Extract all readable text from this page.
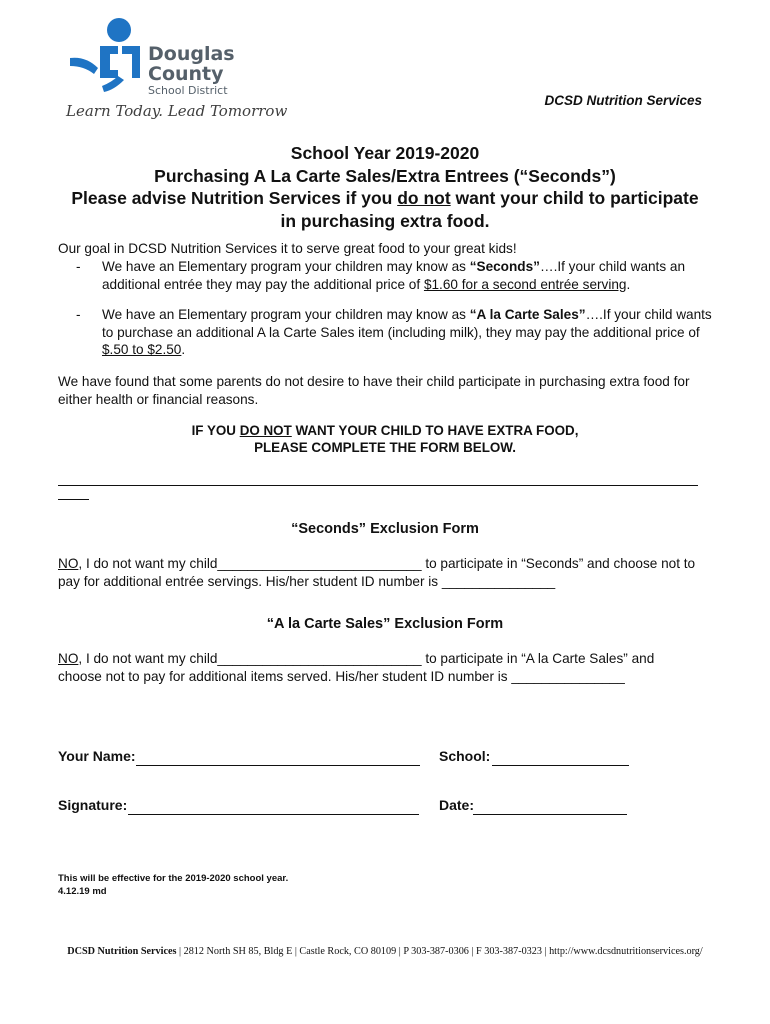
Douglas
County
School District
Learn Today. Lead Tomorrow
DCSD Nutrition Services
School Year 2019-2020
Purchasing A La Carte Sales/Extra Entrees (“Seconds”)
Please advise Nutrition Services if you do not want your child to participate
in purchasing extra food.
Our goal in DCSD Nutrition Services it to serve great food to your great kids!
- We have an Elementary program your children may know as “Seconds”….If your child wants an additional entrée they may pay the additional price of $1.60 for a second entrée serving.
- We have an Elementary program your children may know as “A la Carte Sales”….If your child wants to purchase an additional A la Carte Sales item (including milk), they may pay the additional price of $.50 to $2.50.
We have found that some parents do not desire to have their child participate in purchasing extra food for either health or financial reasons.
IF YOU DO NOT WANT YOUR CHILD TO HAVE EXTRA FOOD,
PLEASE COMPLETE THE FORM BELOW.
“Seconds” Exclusion Form
NO, I do not want my child___________________________ to participate in “Seconds” and choose not to
pay for additional entrée servings. His/her student ID number is _______________
“A la Carte Sales” Exclusion Form
NO, I do not want my child___________________________ to participate in “A la Carte Sales” and
choose not to pay for additional items served. His/her student ID number is _______________
Your Name:	School:
Signature:	Date:
This will be effective for the 2019-2020 school year.
4.12.19 md
DCSD Nutrition Services | 2812 North SH 85, Bldg E | Castle Rock, CO 80109 | P 303-387-0306 | F 303-387-0323 | http://www.dcsdnutritionservices.org/
